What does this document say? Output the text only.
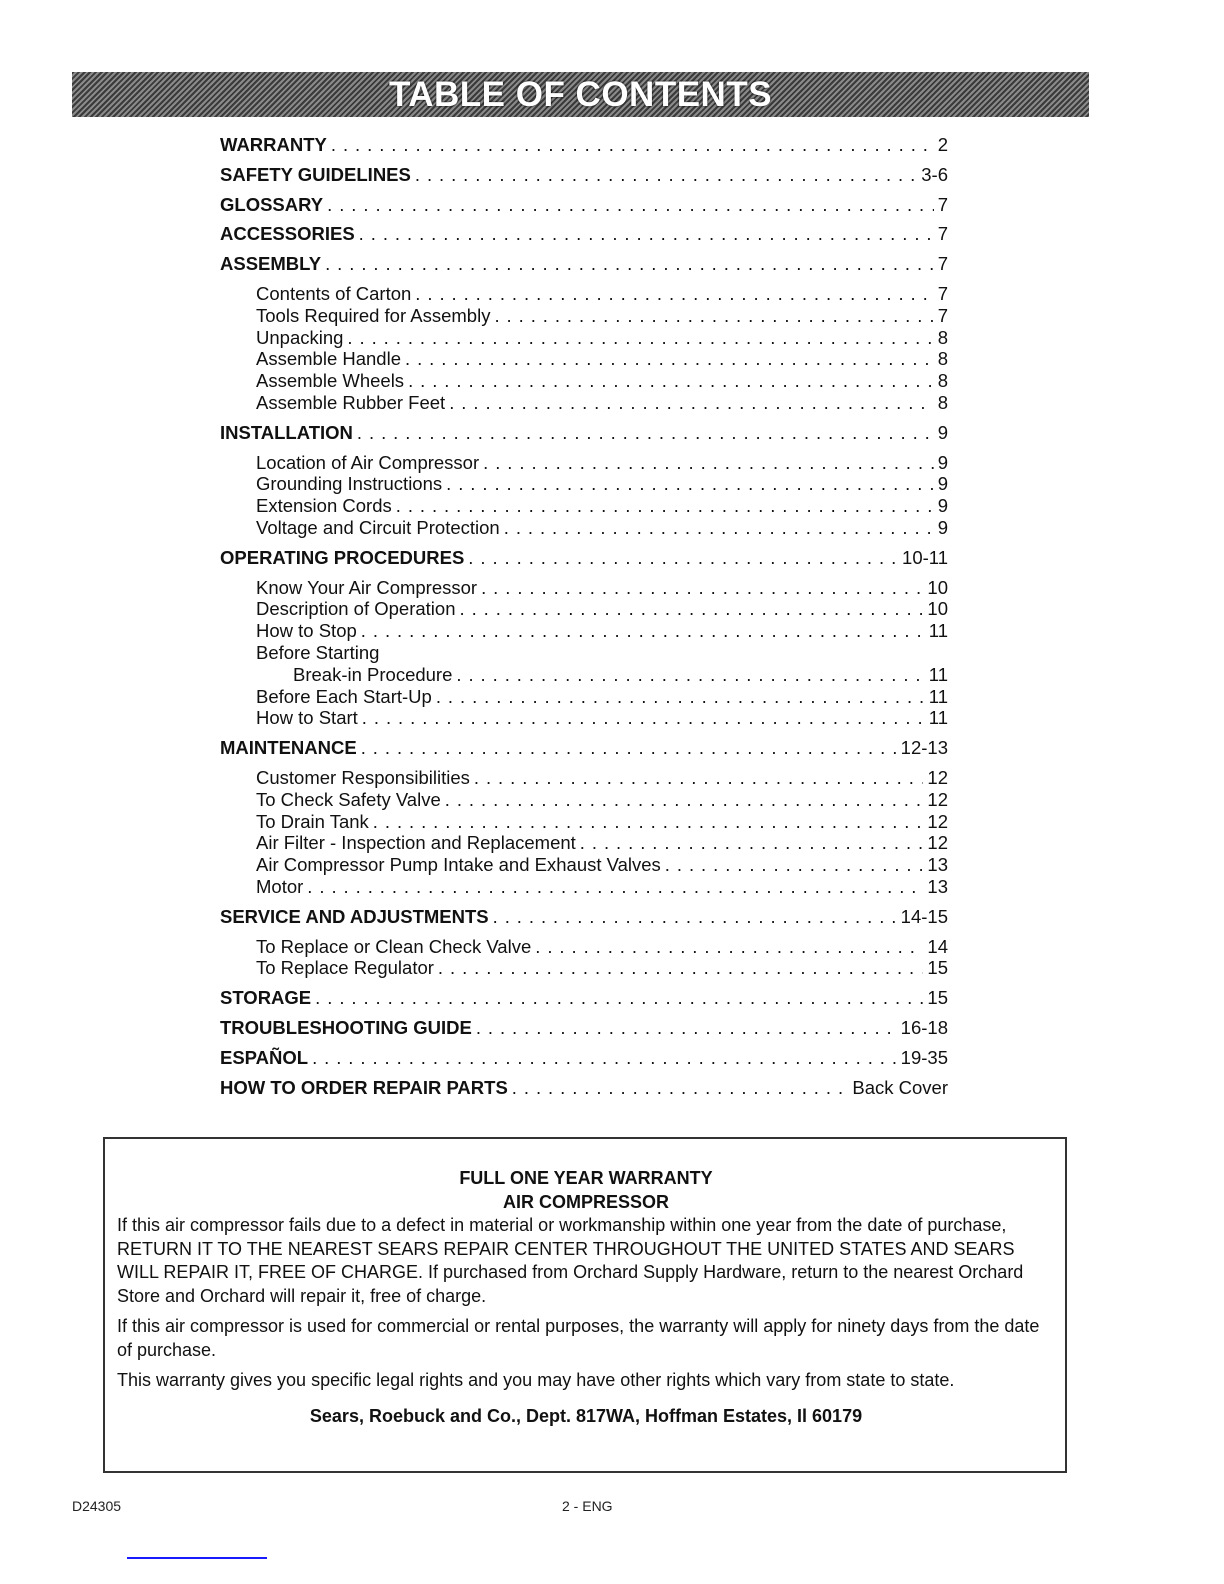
TABLE OF CONTENTS
WARRANTY . . .	2
SAFETY GUIDELINES . . .	3-6
GLOSSARY . . .	7
ACCESSORIES . . .	7
ASSEMBLY . . .	7
Contents of Carton . . .	7
Tools Required for Assembly . . .	7
Unpacking . . .	8
Assemble Handle . . .	8
Assemble Wheels . . .	8
Assemble Rubber Feet . . .	8
INSTALLATION . . .	9
Location of Air Compressor . . .	9
Grounding Instructions . . .	9
Extension Cords . . .	9
Voltage and Circuit Protection . . .	9
OPERATING PROCEDURES . . .	10-11
Know Your Air Compressor . . .	10
Description of Operation . . .	10
How to Stop . . .	11
Before Starting
Break-in Procedure . . .	11
Before Each Start-Up . . .	11
How to Start . . .	11
MAINTENANCE . . .	12-13
Customer Responsibilities . . .	12
To Check Safety Valve . . .	12
To Drain Tank . . .	12
Air Filter - Inspection and Replacement . . .	12
Air Compressor Pump Intake and Exhaust Valves . . .	13
Motor . . .	13
SERVICE AND ADJUSTMENTS . . .	14-15
To Replace or Clean Check Valve . . .	14
To Replace Regulator . . .	15
STORAGE . . .	15
TROUBLESHOOTING GUIDE . . .	16-18
ESPAÑOL . . .	19-35
HOW TO ORDER REPAIR PARTS . . .	Back Cover
FULL ONE YEAR WARRANTY
AIR COMPRESSOR

If this air compressor fails due to a defect in material or workmanship within one year from the date of purchase, RETURN IT TO THE NEAREST SEARS REPAIR CENTER THROUGHOUT THE UNITED STATES AND SEARS WILL REPAIR IT, FREE OF CHARGE. If purchased from Orchard Supply Hardware, return to the nearest Orchard Store and Orchard will repair it, free of charge.

If this air compressor is used for commercial or rental purposes, the warranty will apply for ninety days from the date of purchase.

This warranty gives you specific legal rights and you may have other rights which vary from state to state.

Sears, Roebuck and Co., Dept. 817WA, Hoffman Estates, Il 60179
D24305	2 - ENG
